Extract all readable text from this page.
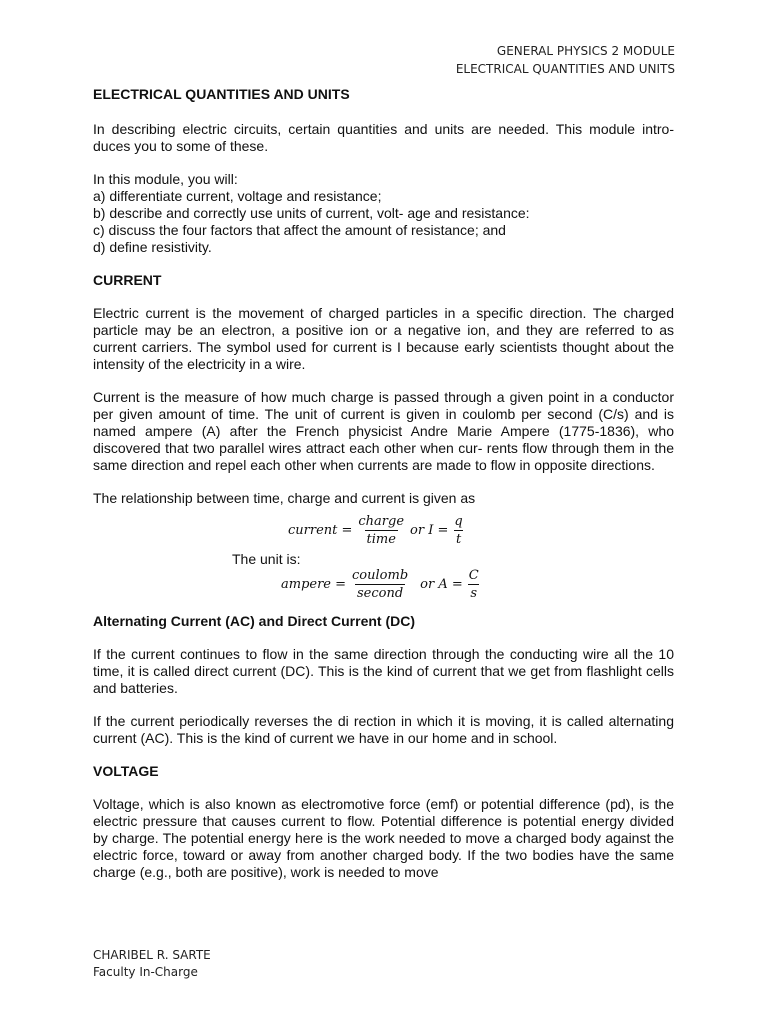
GENERAL PHYSICS 2 MODULE
ELECTRICAL QUANTITIES AND UNITS
ELECTRICAL QUANTITIES AND UNITS
In describing electric circuits, certain quantities and units are needed. This module intro- duces you to some of these.
In this module, you will:
a) differentiate current, voltage and resistance;
b) describe and correctly use units of current, volt- age and resistance:
c) discuss the four factors that affect the amount of resistance; and
d) define resistivity.
CURRENT
Electric current is the movement of charged particles in a specific direction. The charged particle may be an electron, a positive ion or a negative ion, and they are referred to as current carriers. The symbol used for current is I because early scientists thought about the intensity of the electricity in a wire.
Current is the measure of how much charge is passed through a given point in a conductor per given amount of time. The unit of current is given in coulomb per second (C/s) and is named ampere (A) after the French physicist Andre Marie Ampere (1775-1836), who discovered that two parallel wires attract each other when cur- rents flow through them in the same direction and repel each other when currents are made to flow in opposite directions.
The relationship between time, charge and current is given as
current = $\frac{\text{charge}}{\text{time}}$ or $I = \frac{q}{t}$
The unit is:
ampere = $\frac{\text{coulomb}}{\text{second}}$ or $A = \frac{C}{s}$
Alternating Current (AC) and Direct Current (DC)
If the current continues to flow in the same direction through the conducting wire all the 10 time, it is called direct current (DC). This is the kind of current that we get from flashlight cells and batteries.
If the current periodically reverses the di rection in which it is moving, it is called alternating current (AC). This is the kind of current we have in our home and in school.
VOLTAGE
Voltage, which is also known as electromotive force (emf) or potential difference (pd), is the electric pressure that causes current to flow. Potential difference is potential energy divided by charge. The potential energy here is the work needed to move a charged body against the electric force, toward or away from another charged body. If the two bodies have the same charge (e.g., both are positive), work is needed to move
CHARIBEL R. SARTE
Faculty In-Charge
